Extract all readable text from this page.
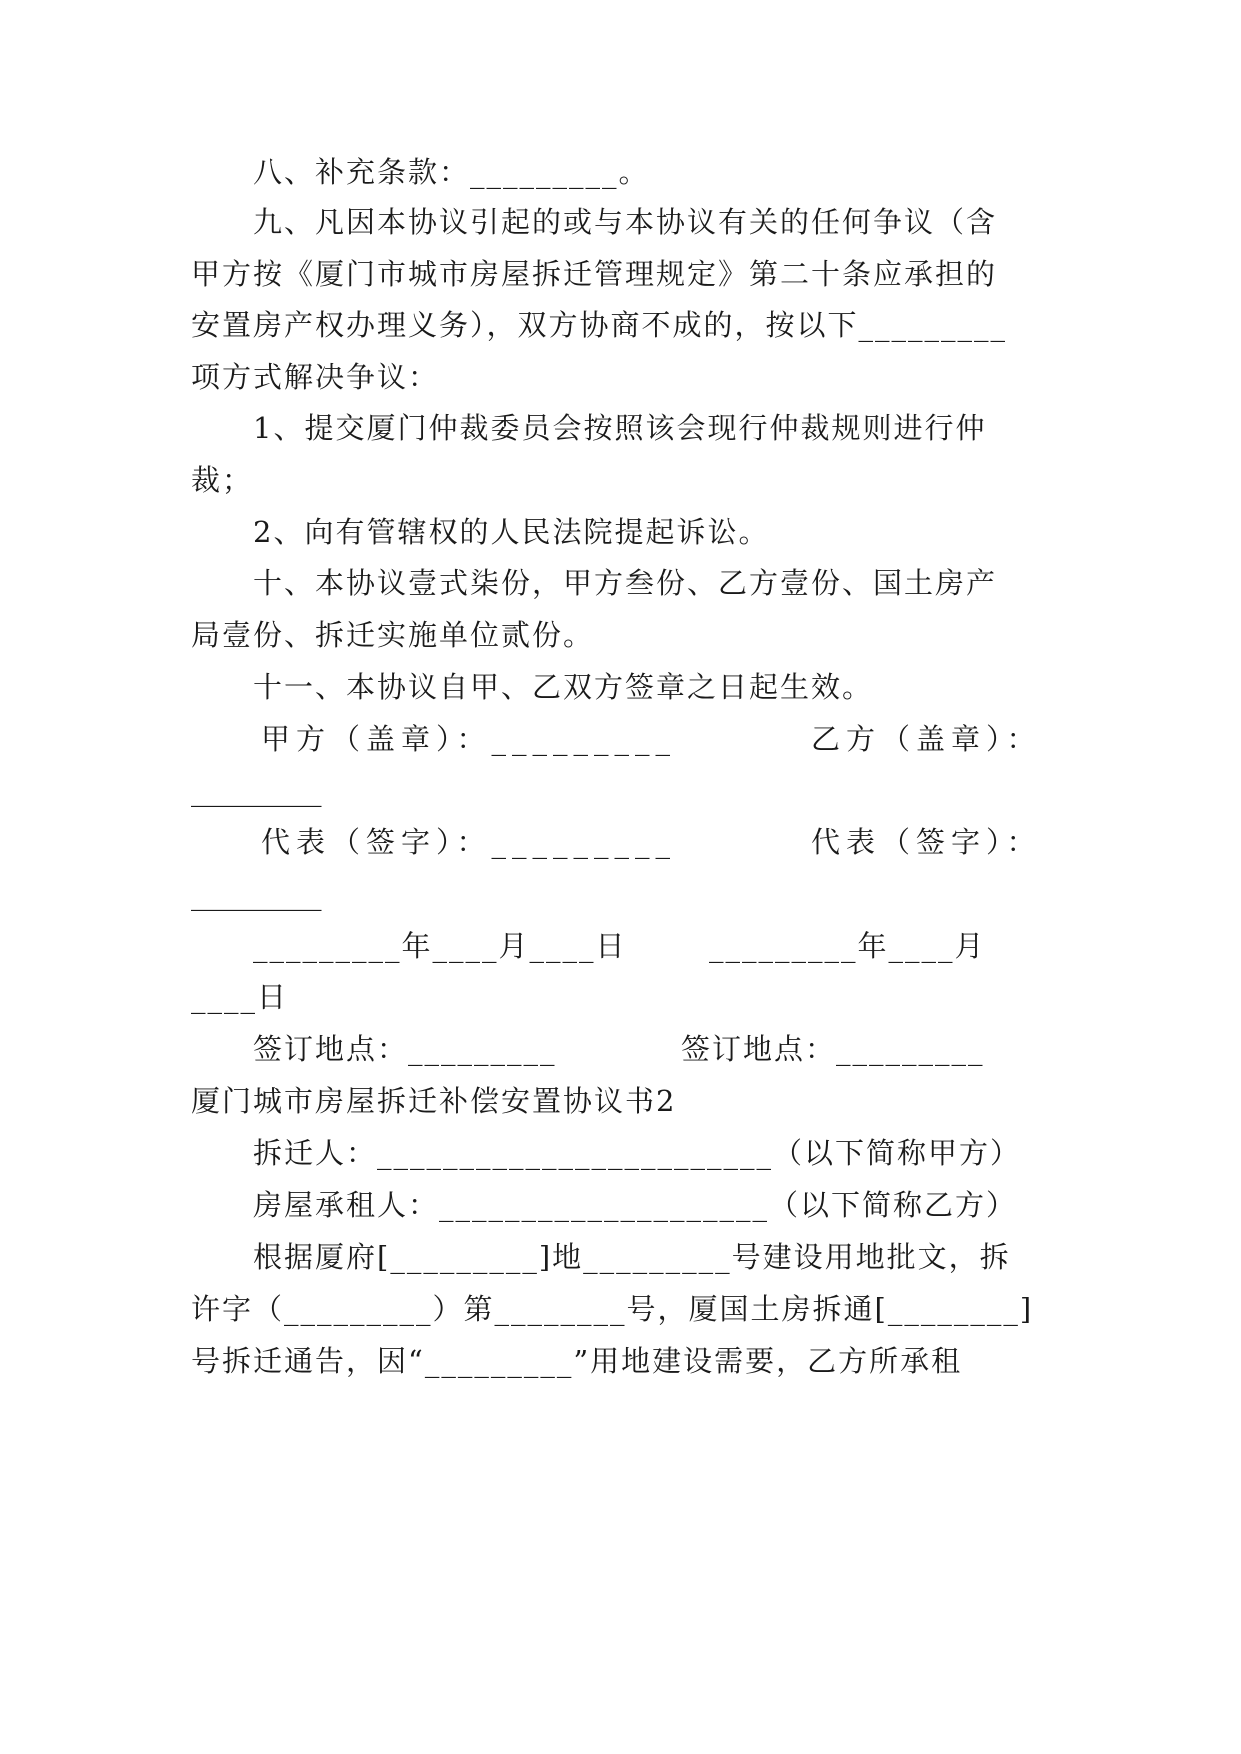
八、补充条款：_________。
九、凡因本协议引起的或与本协议有关的任何争议（含
甲方按《厦门市城市房屋拆迁管理规定》第二十条应承担的
安置房产权办理义务），双方协商不成的，按以下_________
项方式解决争议：
1、提交厦门仲裁委员会按照该会现行仲裁规则进行仲
裁；
2、向有管辖权的人民法院提起诉讼。
十、本协议壹式柒份，甲方叁份、乙方壹份、国土房产
局壹份、拆迁实施单位贰份。
十一、本协议自甲、乙双方签章之日起生效。
甲方（盖章）：_________	乙方（盖章）：
_________
代表（签字）：_________	代表（签字）：
_________
_________年____月____日	_________年____月
____日
签订地点：_________	签订地点：_________
厦门城市房屋拆迁补偿安置协议书2
拆迁人：________________________（以下简称甲方）
房屋承租人：____________________（以下简称乙方）
根据厦府[_________]地_________号建设用地批文，拆
许字（_________）第________号，厦国土房拆通[________]
号拆迁通告，因“_________”用地建设需要，乙方所承租
